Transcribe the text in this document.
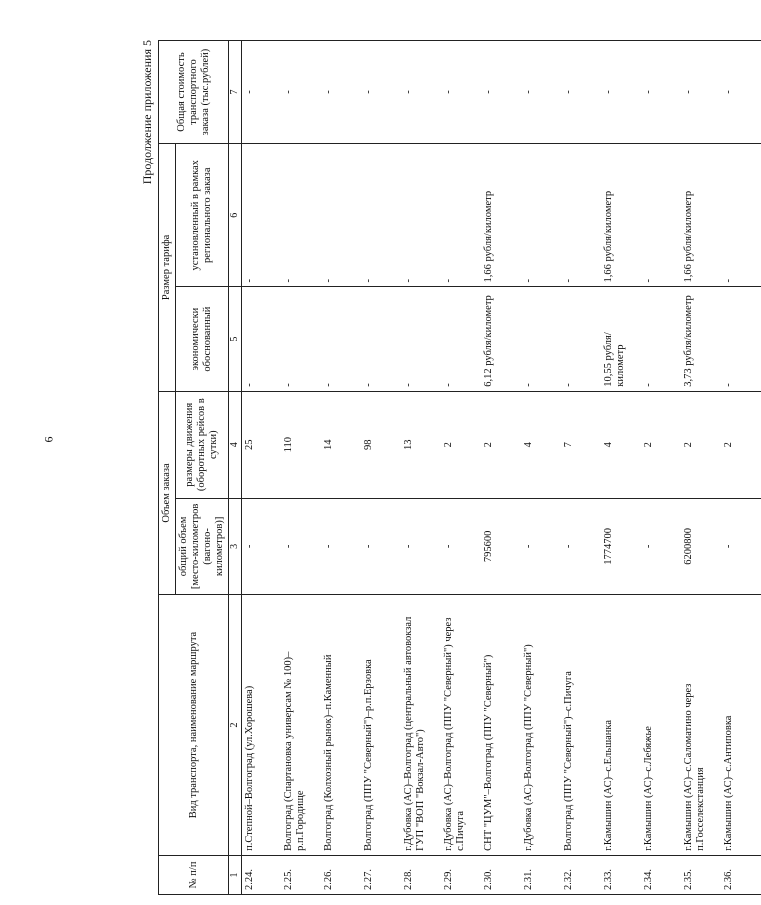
6
Продолжение приложения 5
№ п/п	Вид транспорта, наименование маршрута	Объем заказа		Размер тарифа		Общая стоимость транспортного заказа (тыс.рублей)
		общий объем [место-километров (вагоно-километров)]	размеры движения (оборотных рейсов в сутки)	экономически обоснованный	установленный в рамках регионального заказа	
1	2	3	4	5	6	7
2.24.	п.Степной–Волгоград (ул.Хорошева)	-	25	-	-	-
2.25.	Волгоград (Спартановка универсам № 100)–р.п.Городище	-	110	-	-	-
2.26.	Волгоград (Колхозный рынок)–п.Каменный	-	14	-	-	-
2.27.	Волгоград (ППУ "Северный")–р.п.Ерзовка	-	98	-	-	-
2.28.	г.Дубовка (АС)–Волгоград (центральный автовокзал ГУП "ВОП "Вокзал-Авто")	-	13	-	-	-
2.29.	г.Дубовка (АС)–Волгоград (ППУ "Северный") через с.Пичуга	-	2	-	-	-
2.30.	СНТ "ЦУМ"–Волгоград (ППУ "Северный")	795600	2	6,12 рубля/километр	1,66 рубля/километр	-
2.31.	г.Дубовка (АС)–Волгоград (ППУ "Северный")	-	4	-	-	-
2.32.	Волгоград (ППУ "Северный")–с.Пичуга	-	7	-	-	-
2.33.	г.Камышин (АС)–с.Ельшанка	1774700	4	10,55 рубля/километр	1,66 рубля/километр	-
2.34.	г.Камышин (АС)–с.Лебяжье	-	2	-	-	-
2.35.	г.Камышин (АС)–с.Саломатино через п.Госселекстанция	6200800	2	3,73 рубля/километр	1,66 рубля/километр	-
2.36.	г.Камышин (АС)–с.Антиповка	-	2	-	-	-
